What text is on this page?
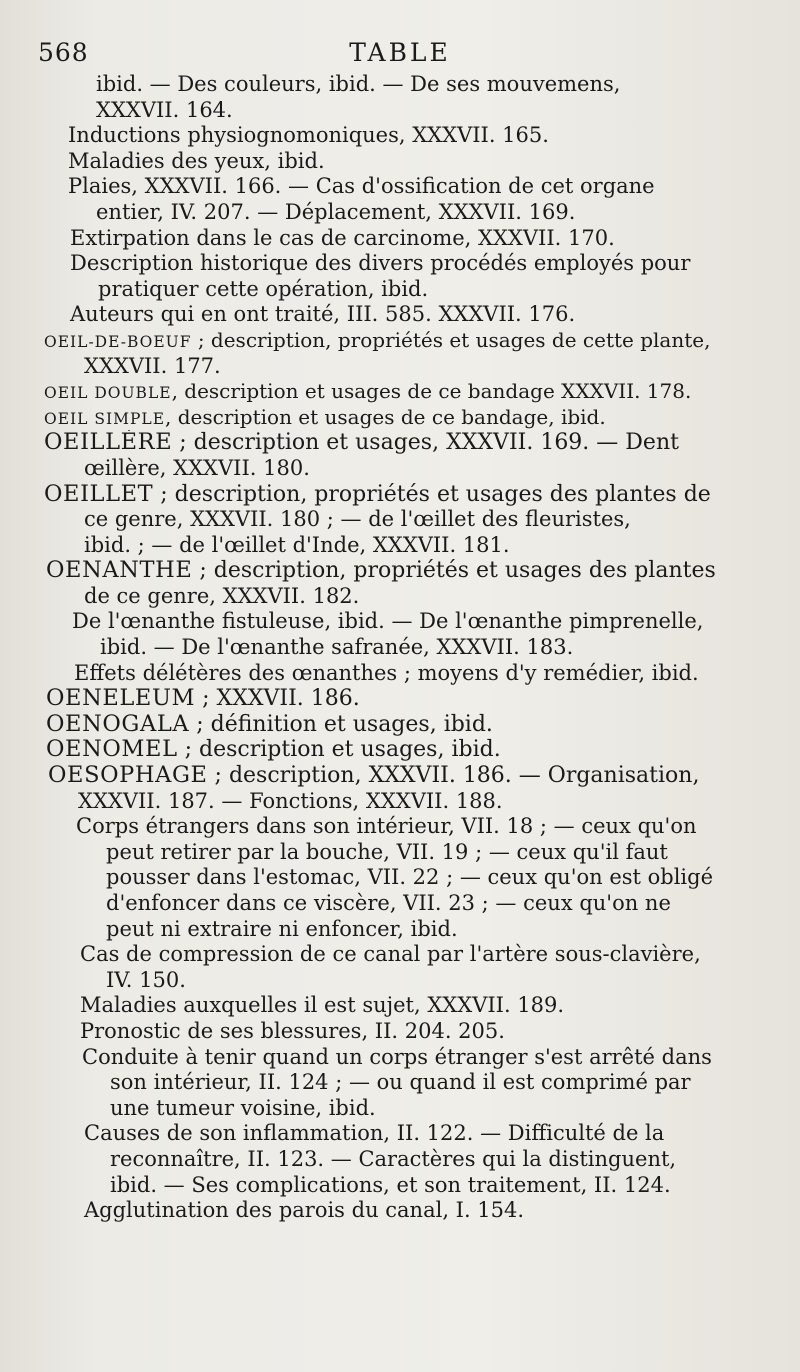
568	TABLE
ibid. — Des couleurs, ibid. — De ses mouvemens,
XXXVII. 164.
Inductions physiognomoniques, XXXVII. 165.
Maladies des yeux, ibid.
Plaies, XXXVII. 166. — Cas d'ossification de cet organe
entier, IV. 207. — Déplacement, XXXVII. 169.
Extirpation dans le cas de carcinome, XXXVII. 170.
Description historique des divers procédés employés pour
pratiquer cette opération, ibid.
Auteurs qui en ont traité, III. 585. XXXVII. 176.
OEIL-DE-BOEUF ; description, propriétés et usages de cette plante,
XXXVII. 177.
OEIL DOUBLE, description et usages de ce bandage XXXVII. 178.
OEIL SIMPLE, description et usages de ce bandage, ibid.
OEILLÈRE ; description et usages, XXXVII. 169. — Dent
œillère, XXXVII. 180.
OEILLET ; description, propriétés et usages des plantes de
ce genre, XXXVII. 180 ; — de l'œillet des fleuristes,
ibid. ; — de l'œillet d'Inde, XXXVII. 181.
OENANTHE ; description, propriétés et usages des plantes
de ce genre, XXXVII. 182.
De l'œnanthe fistuleuse, ibid. — De l'œnanthe pimprenelle,
ibid. — De l'œnanthe safranée, XXXVII. 183.
Effets délétères des œnanthes ; moyens d'y remédier, ibid.
OENELEUM ; XXXVII. 186.
OENOGALA ; définition et usages, ibid.
OENOMEL ; description et usages, ibid.
OESOPHAGE ; description, XXXVII. 186. — Organisation,
XXXVII. 187. — Fonctions, XXXVII. 188.
Corps étrangers dans son intérieur, VII. 18 ; — ceux qu'on
peut retirer par la bouche, VII. 19 ; — ceux qu'il faut
pousser dans l'estomac, VII. 22 ; — ceux qu'on est obligé
d'enfoncer dans ce viscère, VII. 23 ; — ceux qu'on ne
peut ni extraire ni enfoncer, ibid.
Cas de compression de ce canal par l'artère sous-clavière,
IV. 150.
Maladies auxquelles il est sujet, XXXVII. 189.
Pronostic de ses blessures, II. 204. 205.
Conduite à tenir quand un corps étranger s'est arrêté dans
son intérieur, II. 124 ; — ou quand il est comprimé par
une tumeur voisine, ibid.
Causes de son inflammation, II. 122. — Difficulté de la
reconnaître, II. 123. — Caractères qui la distinguent,
ibid. — Ses complications, et son traitement, II. 124.
Agglutination des parois du canal, I. 154.
